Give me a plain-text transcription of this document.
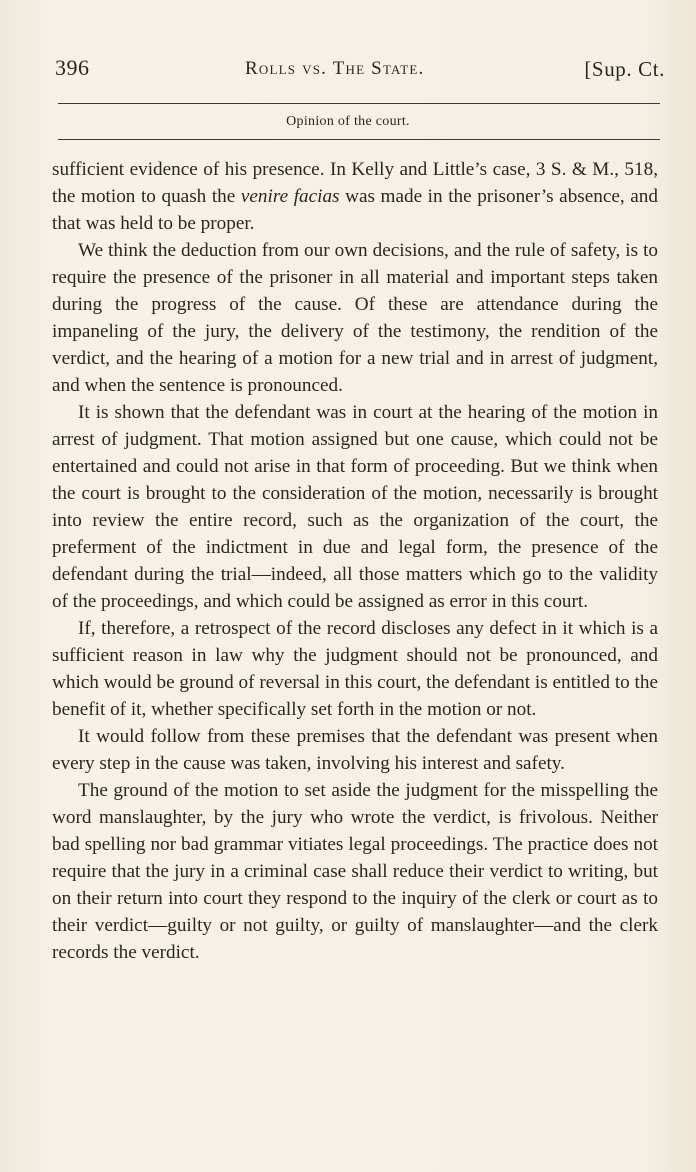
396	Rolls vs. The State.	[Sup. Ct.
Opinion of the court.

sufficient evidence of his presence. In Kelly and Little’s case, 3 S. & M., 518, the motion to quash the venire facias was made in the prisoner’s absence, and that was held to be proper.

We think the deduction from our own decisions, and the rule of safety, is to require the presence of the prisoner in all material and important steps taken during the progress of the cause. Of these are attendance during the impaneling of the jury, the delivery of the testimony, the rendition of the verdict, and the hearing of a motion for a new trial and in arrest of judgment, and when the sentence is pronounced.

It is shown that the defendant was in court at the hearing of the motion in arrest of judgment. That motion assigned but one cause, which could not be entertained and could not arise in that form of proceeding. But we think when the court is brought to the consideration of the motion, necessarily is brought into review the entire record, such as the organization of the court, the preferment of the indictment in due and legal form, the presence of the defendant during the trial—indeed, all those matters which go to the validity of the proceedings, and which could be assigned as error in this court.

If, therefore, a retrospect of the record discloses any defect in it which is a sufficient reason in law why the judgment should not be pronounced, and which would be ground of reversal in this court, the defendant is entitled to the benefit of it, whether specifically set forth in the motion or not.

It would follow from these premises that the defendant was present when every step in the cause was taken, involving his interest and safety.

The ground of the motion to set aside the judgment for the misspelling the word manslaughter, by the jury who wrote the verdict, is frivolous. Neither bad spelling nor bad grammar vitiates legal proceedings. The practice does not require that the jury in a criminal case shall reduce their verdict to writing, but on their return into court they respond to the inquiry of the clerk or court as to their verdict—guilty or not guilty, or guilty of manslaughter—and the clerk records the verdict.
